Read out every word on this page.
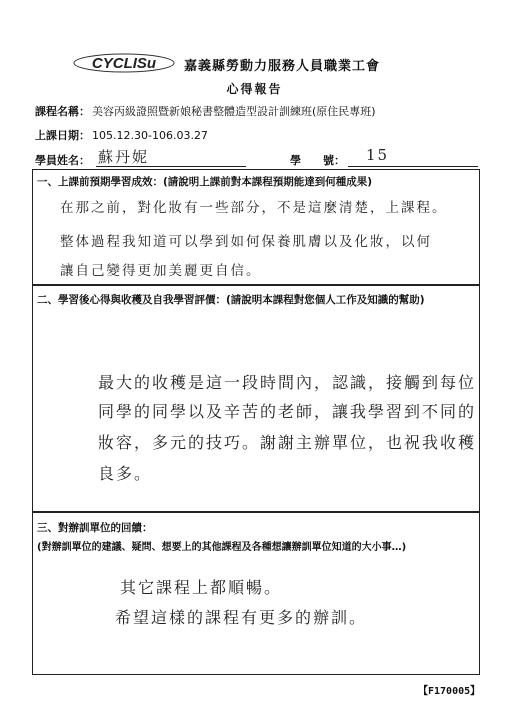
CYCLISu 嘉義縣勞動力服務人員職業工會
心得報告
課程名稱： 美容丙級證照暨新娘秘書整體造型設計訓練班(原住民專班)
上課日期： 105.12.30-106.03.27
學員姓名： 蘇丹妮	學　　號： 15
一、上課前預期學習成效：(請說明上課前對本課程預期能達到何種成果)
在那之前，對化妝有一些部分，不是這麼清楚，上課程。
整体過程我知道可以學到如何保養肌膚以及化妝，以何
讓自己變得更加美麗更自信。
二、學習後心得與收穫及自我學習評價：(請說明本課程對您個人工作及知識的幫助)
最大的收穫是這一段時間內，認識，接觸到每位
同學的同學以及辛苦的老師，讓我學習到不同的
妝容，多元的技巧。謝謝主辦單位，也祝我收穫
良多。
三、對辦訓單位的回饋：
(對辦訓單位的建議、疑問、想要上的其他課程及各種想讓辦訓單位知道的大小事…)
其它課程上都順暢。
希望這樣的課程有更多的辦訓。
【F170005】
